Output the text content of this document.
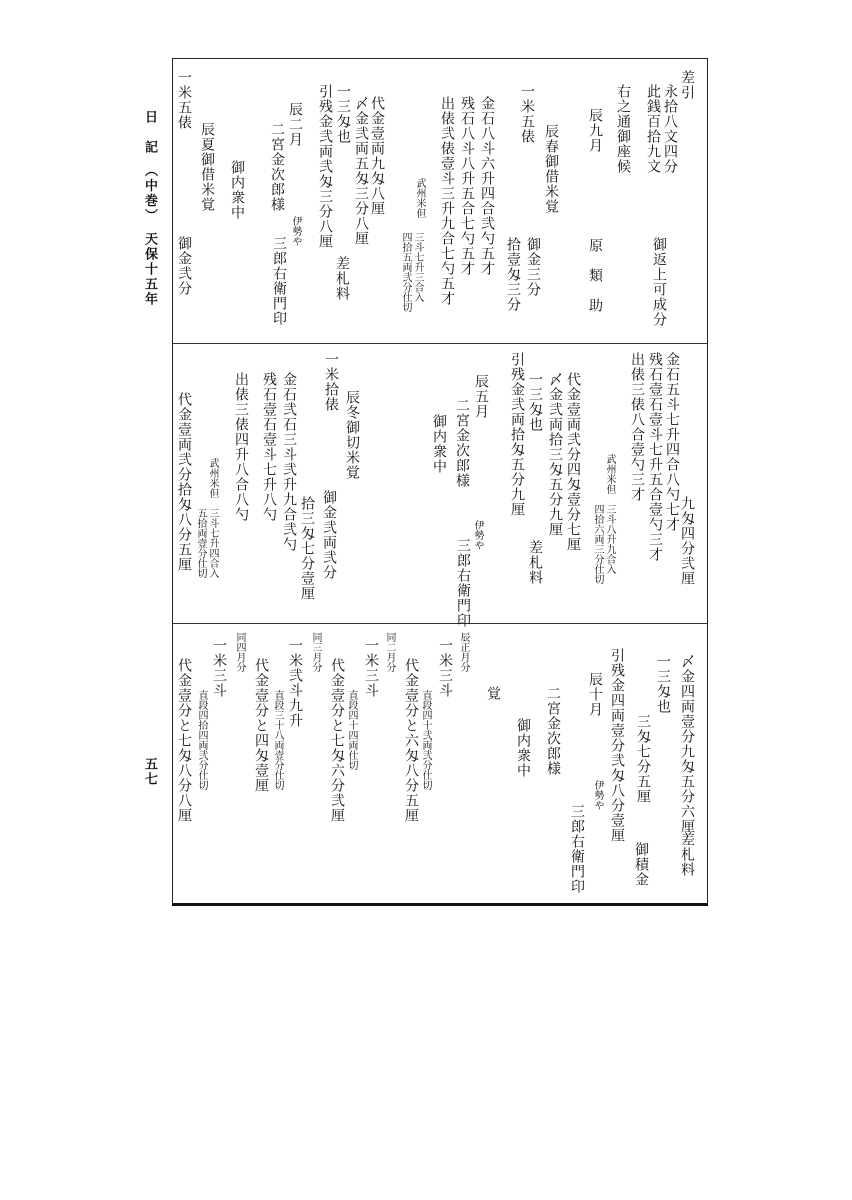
日　記　（中巻）　天保十五年
五七
差引
永拾八文四分
此銭百拾九文
御返上可成分
右之通御座候
辰九月
原　類　助
一米五俵
辰春御借米覚
御金三分
拾壹匁三分
金石八斗六升四合弐勺五才
残石八斗八升五合七勺五才
出俵弐俵壹斗三升九合七勺五才
武州米但
三斗七升三合入
四拾五両弐分仕切
代金壹両九匁八厘
〆金弐両五匁三分八厘
一三匁也
差札料
引残金弐両弐匁三分八厘
辰二月
伊勢や
二宮金次郎様
三郎右衛門印
御内衆中
一米五俵
辰夏御借米覚
御金弐分
九匁四分弐厘
金石五斗七升四合八勺七才
残石壹石壹斗七升五合壹勺三才
出俵三俵八合壹勺三才
武州米但
三斗八升九合入
四拾六両三分仕切
代金壹両弐分四匁壹分七厘
〆金弐両拾三匁五分九厘
一三匁也
差札料
引残金弐両拾匁五分九厘
辰五月
伊勢や
二宮金次郎様
三郎右衛門印
御内衆中
一米拾俵
辰冬御切米覚
御金弐両弐分
拾三匁七分壹厘
金石弐石三斗弐升九合弐勺
残石壹石壹斗七升八勺
出俵三俵四升八合八勺
武州米但
三斗七升四合入
五拾両壹分仕切
代金壹両弐分拾匁八分五厘
〆金四両壹分九匁五分六厘
差札料
一三匁也
三匁七分五厘
御積金
引残金四両壹分弐匁八分壹厘
辰十月
伊勢や
三郎右衛門印
二宮金次郎様
御内衆中
覚
辰正月分
一米三斗
直段四十弐両弐分仕切
代金壹分と六匁八分五厘
同二月分
一米三斗
直段四十四両仕切
代金壹分と七匁六分弐厘
同三月分
一米弐斗九升
直段三十八両壹分仕切
代金壹分と四匁壹厘
同四月分
一米三斗
直段四拾四両弐分仕切
代金壹分と七匁八分八厘
